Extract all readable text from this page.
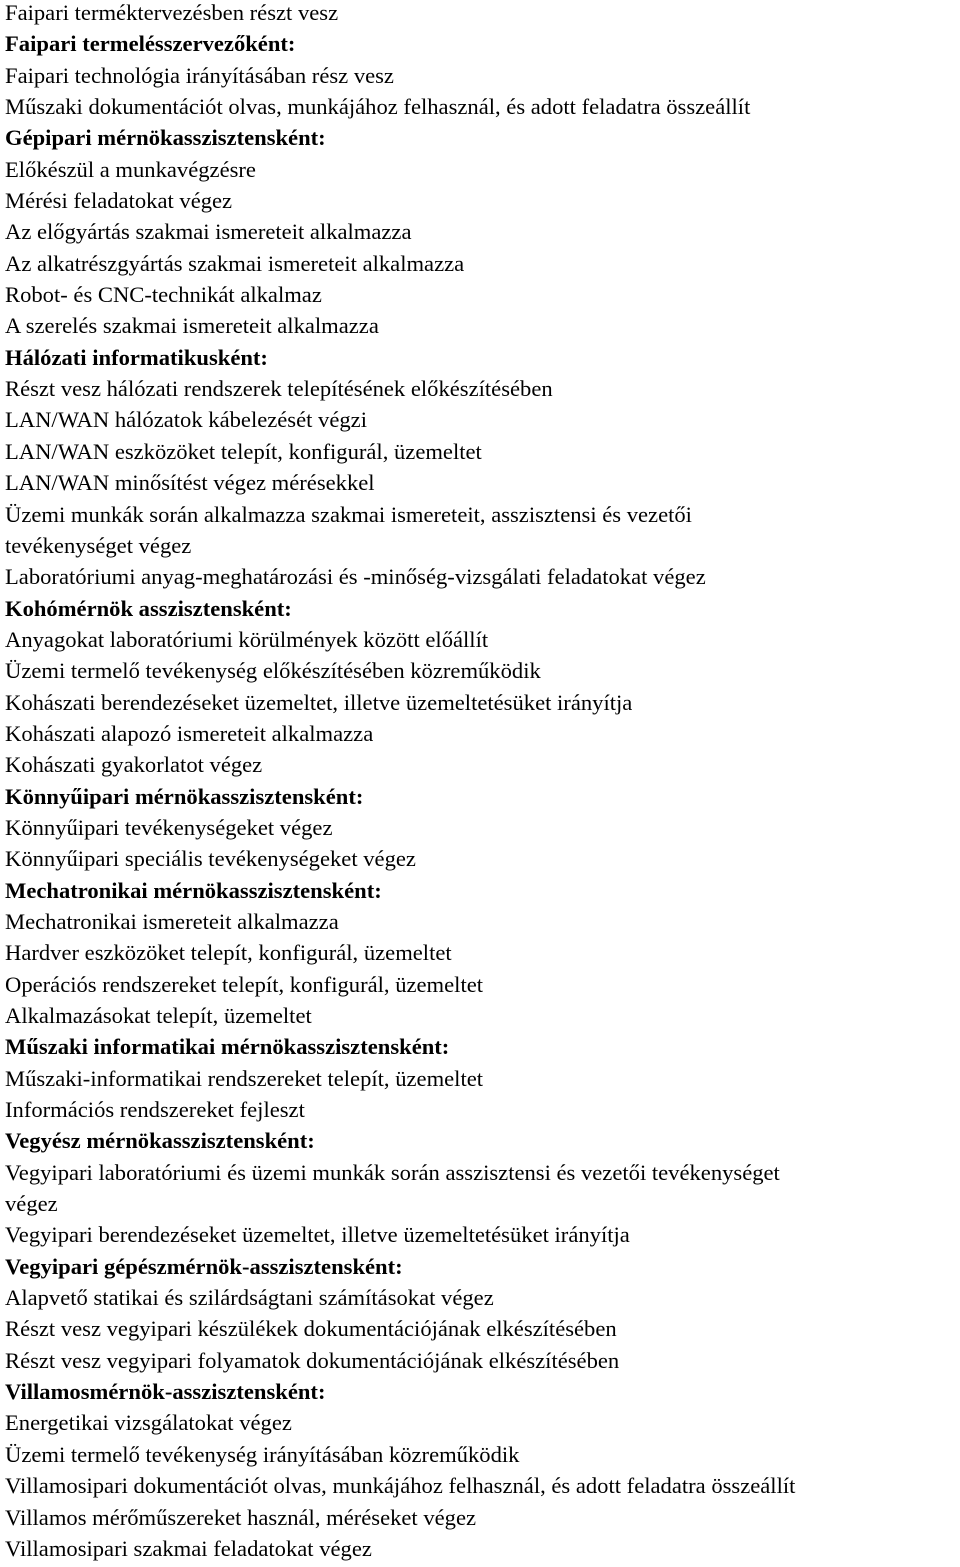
Faipari terméktervezésben részt vesz
Faipari termelésszervezőként:
Faipari technológia irányításában rész vesz
Műszaki dokumentációt olvas, munkájához felhasznál, és adott feladatra összeállít
Gépipari mérnökasszisztensként:
Előkészül a munkavégzésre
Mérési feladatokat végez
Az előgyártás szakmai ismereteit alkalmazza
Az alkatrészgyártás szakmai ismereteit alkalmazza
Robot- és CNC-technikát alkalmaz
A szerelés szakmai ismereteit alkalmazza
Hálózati informatikusként:
Részt vesz hálózati rendszerek telepítésének előkészítésében
LAN/WAN hálózatok kábelezését végzi
LAN/WAN eszközöket telepít, konfigurál, üzemeltet
LAN/WAN minősítést végez mérésekkel
Üzemi munkák során alkalmazza szakmai ismereteit, asszisztensi és vezetői
tevékenységet végez
Laboratóriumi anyag-meghatározási és -minőség-vizsgálati feladatokat végez
Kohómérnök asszisztensként:
Anyagokat laboratóriumi körülmények között előállít
Üzemi termelő tevékenység előkészítésében közreműködik
Kohászati berendezéseket üzemeltet, illetve üzemeltetésüket irányítja
Kohászati alapozó ismereteit alkalmazza
Kohászati gyakorlatot végez
Könnyűipari mérnökasszisztensként:
Könnyűipari tevékenységeket végez
Könnyűipari speciális tevékenységeket végez
Mechatronikai mérnökasszisztensként:
Mechatronikai ismereteit alkalmazza
Hardver eszközöket telepít, konfigurál, üzemeltet
Operációs rendszereket telepít, konfigurál, üzemeltet
Alkalmazásokat telepít, üzemeltet
Műszaki informatikai mérnökasszisztensként:
Műszaki-informatikai rendszereket telepít, üzemeltet
Információs rendszereket fejleszt
Vegyész mérnökasszisztensként:
Vegyipari laboratóriumi és üzemi munkák során asszisztensi és vezetői tevékenységet
végez
Vegyipari berendezéseket üzemeltet, illetve üzemeltetésüket irányítja
Vegyipari gépészmérnök-asszisztensként:
Alapvető statikai és szilárdságtani számításokat végez
Részt vesz vegyipari készülékek dokumentációjának elkészítésében
Részt vesz vegyipari folyamatok dokumentációjának elkészítésében
Villamosmérnök-asszisztensként:
Energetikai vizsgálatokat végez
Üzemi termelő tevékenység irányításában közreműködik
Villamosipari dokumentációt olvas, munkájához felhasznál, és adott feladatra összeállít
Villamos mérőműszereket használ, méréseket végez
Villamosipari szakmai feladatokat végez
